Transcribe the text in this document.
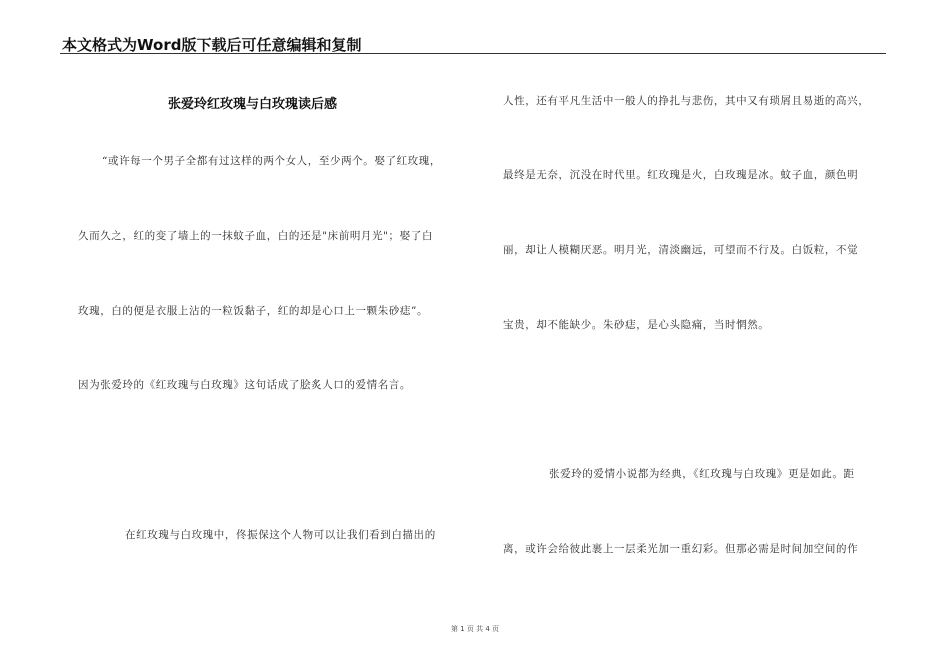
本文格式为Word版下载后可任意编辑和复制
张爱玲红玫瑰与白玫瑰读后感
“或许每一个男子全都有过这样的两个女人，至少两个。娶了红玫瑰，
久而久之，红的变了墙上的一抹蚊子血，白的还是"床前明月光"；娶了白
玫瑰，白的便是衣服上沾的一粒饭黏子，红的却是心口上一颗朱砂痣”。
因为张爱玲的《红玫瑰与白玫瑰》这句话成了脍炙人口的爱情名言。
在红玫瑰与白玫瑰中，佟振保这个人物可以让我们看到白描出的
人性，还有平凡生活中一般人的挣扎与悲伤，其中又有琐屑且易逝的高兴，
最终是无奈，沉没在时代里。红玫瑰是火，白玫瑰是冰。蚊子血，颜色明
丽，却让人模糊厌恶。明月光，清淡幽远，可望而不行及。白饭粒，不觉
宝贵，却不能缺少。朱砂痣，是心头隐痛，当时惘然。
张爱玲的爱情小说都为经典，《红玫瑰与白玫瑰》更是如此。距
离，或许会给彼此裹上一层柔光加一重幻彩。但那必需是时间加空间的作
第 1 页 共 4 页
